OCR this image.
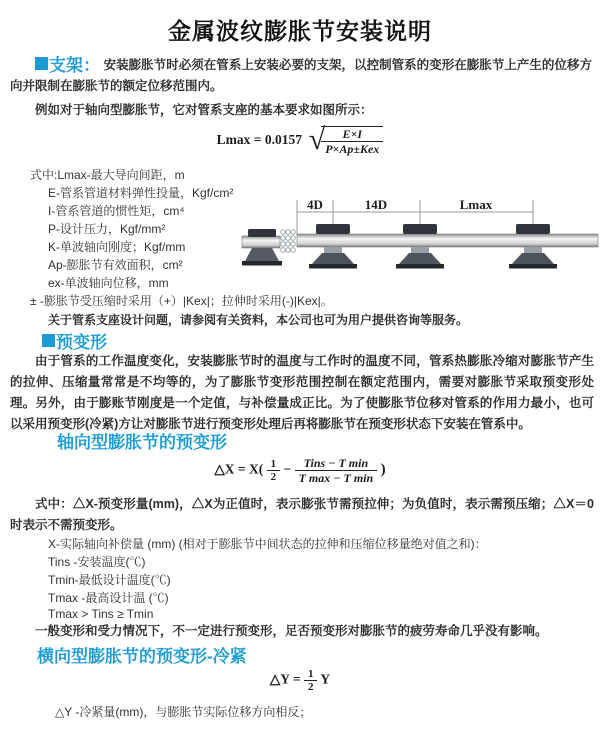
金属波纹膨胀节安装说明
支架： 安装膨胀节时必须在管系上安装必要的支架，以控制管系的变形在膨胀节上产生的位移方向并限制在膨胀节的额定位移范围内。
例如对于轴向型膨胀节，它对管系支座的基本要求如图所示：
Lmax = 0.0157 √	E×I
P×Ap±Kex
式中:Lmax-最大导向间距，m
E-管系管道材料弹性投量，Kgf/cm²
I-管系管道的惯性矩，cm⁴
P-设计压力，Kgf/mm²
K-单波轴向刚度；Kgf/mm
Ap-膨胀节有效面积，cm²
ex-单波轴向位移，mm
± -膨胀节受压缩时采用（+）|Kex|；拉伸时采用(-)|Kex|。
关于管系支座设计问题，请参阅有关资料，本公司也可为用户提供咨询等服务。
4D	14D	Lmax
预变形
由于管系的工作温度变化，安装膨胀节时的温度与工作时的温度不同，管系热膨胀冷缩对膨胀节产生的拉伸、压缩量常常是不均等的，为了膨胀节变形范围控制在额定范围内，需要对膨胀节采取预变形处理。另外，由于膨账节刚度是一个定值，与补偿量成正比。为了使膨胀节位移对管系的作用力最小，也可以采用预变形(冷紧)方让对膨胀节进行预变形处理后再将膨胀节在预变形状态下安装在管系中。
轴向型膨胀节的预变形
△X = $X( \frac{1}{2}$ −	Tins − T min
T max − T min
)
式中：△X-预变形量(mm)，△X为正值时，表示膨张节需预拉伸；为负值时，表示需预压缩；△X＝0时表示不需预变形。
X-实际轴向补偿量 (mm) (相对于膨胀节中间状态的拉伸和压缩位移量绝对值之和)：
Tins -安装温度(℃)
Tmin-最低设计温度(℃)
Tmax -最高设计温 (℃)
Tmax > Tins ≥ Tmin
一般变形和受力情况下，不一定进行预变形，足否预变形对膨胀节的疲劳寿命几乎没有影响。
横向型膨胀节的预变形-冷紧
△Y = $\frac{1}{2}$ Y
△Y -冷紧量(mm)，与膨胀节实际位移方向相反；
